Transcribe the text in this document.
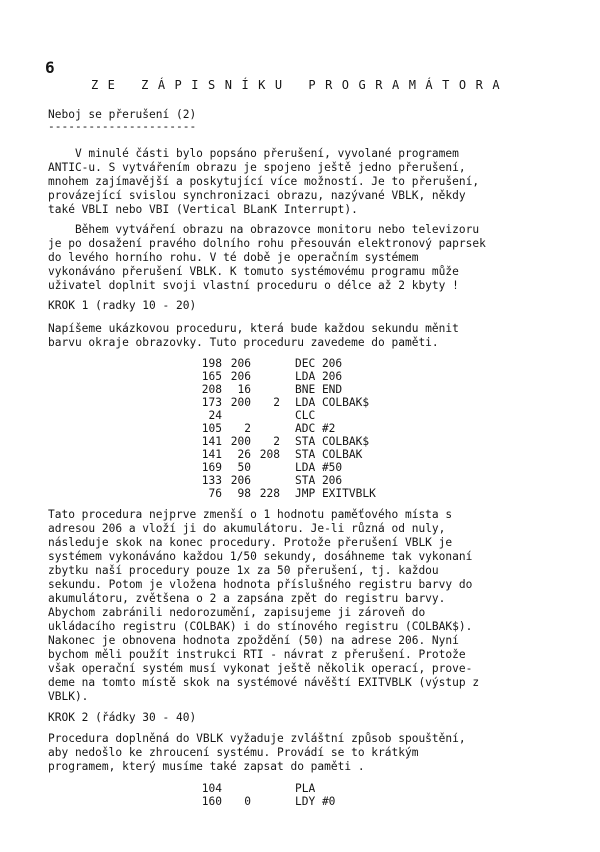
6
ZE ZÁPISNÍKU PROGRAMÁTORA
Neboj se přerušení (2)
----------------------
V minulé části bylo popsáno přerušení, vyvolané programem
ANTIC-u. S vytvářením obrazu je spojeno ještě jedno přerušení,
mnohem zajímavější a poskytující více možností. Je to přerušení,
provázející svislou synchronizaci obrazu, nazývané VBLK, někdy
také VBLI nebo VBI (Vertical BLanK Interrupt).
Během vytváření obrazu na obrazovce monitoru nebo televizoru
je po dosažení pravého dolního rohu přesouván elektronový paprsek
do levého horního rohu. V té době je operačním systémem
vykonáváno přerušení VBLK. K tomuto systémovému programu může
uživatel doplnit svoji vlastní proceduru o délce až 2 kbyty !
KROK 1 (radky 10 - 20)
Napíšeme ukázkovou proceduru, která bude každou sekundu měnit
barvu okraje obrazovky. Tuto proceduru zavedeme do paměti.
198 206	DEC 206
165 206	LDA 206
208	16	BNE END
173 200	2 LDA COLBAK$
24	CLC
105	2	ADC #2
141 200	2 STA COLBAK$
141	26 208 STA COLBAK
169	50	LDA #50
133 206	STA 206
76	98 228 JMP EXITVBLK
Tato procedura nejprve zmenší o 1 hodnotu paměťového místa s
adresou 206 a vloží ji do akumulátoru. Je-li různá od nuly,
následuje skok na konec procedury. Protože přerušení VBLK je
systémem vykonáváno každou 1/50 sekundy, dosáhneme tak vykonaní
zbytku naší procedury pouze 1x za 50 přerušení, tj. každou
sekundu. Potom je vložena hodnota příslušného registru barvy do
akumulátoru, zvětšena o 2 a zapsána zpět do registru barvy.
Abychom zabránili nedorozumění, zapisujeme ji zároveň do
ukládacího registru (COLBAK) i do stínového registru (COLBAK$).
Nakonec je obnovena hodnota zpoždění (50) na adrese 206. Nyní
bychom měli použít instrukci RTI - návrat z přerušení. Protože
však operační systém musí vykonat ještě několik operací, prove-
deme na tomto místě skok na systémové návěští EXITVBLK (výstup z
VBLK).
KROK 2 (řádky 30 - 40)
Procedura doplněná do VBLK vyžaduje zvláštní způsob spouštění,
aby nedošlo ke zhroucení systému. Provádí se to krátkým
programem, který musíme také zapsat do paměti .
104	PLA
160	0	LDY #0
